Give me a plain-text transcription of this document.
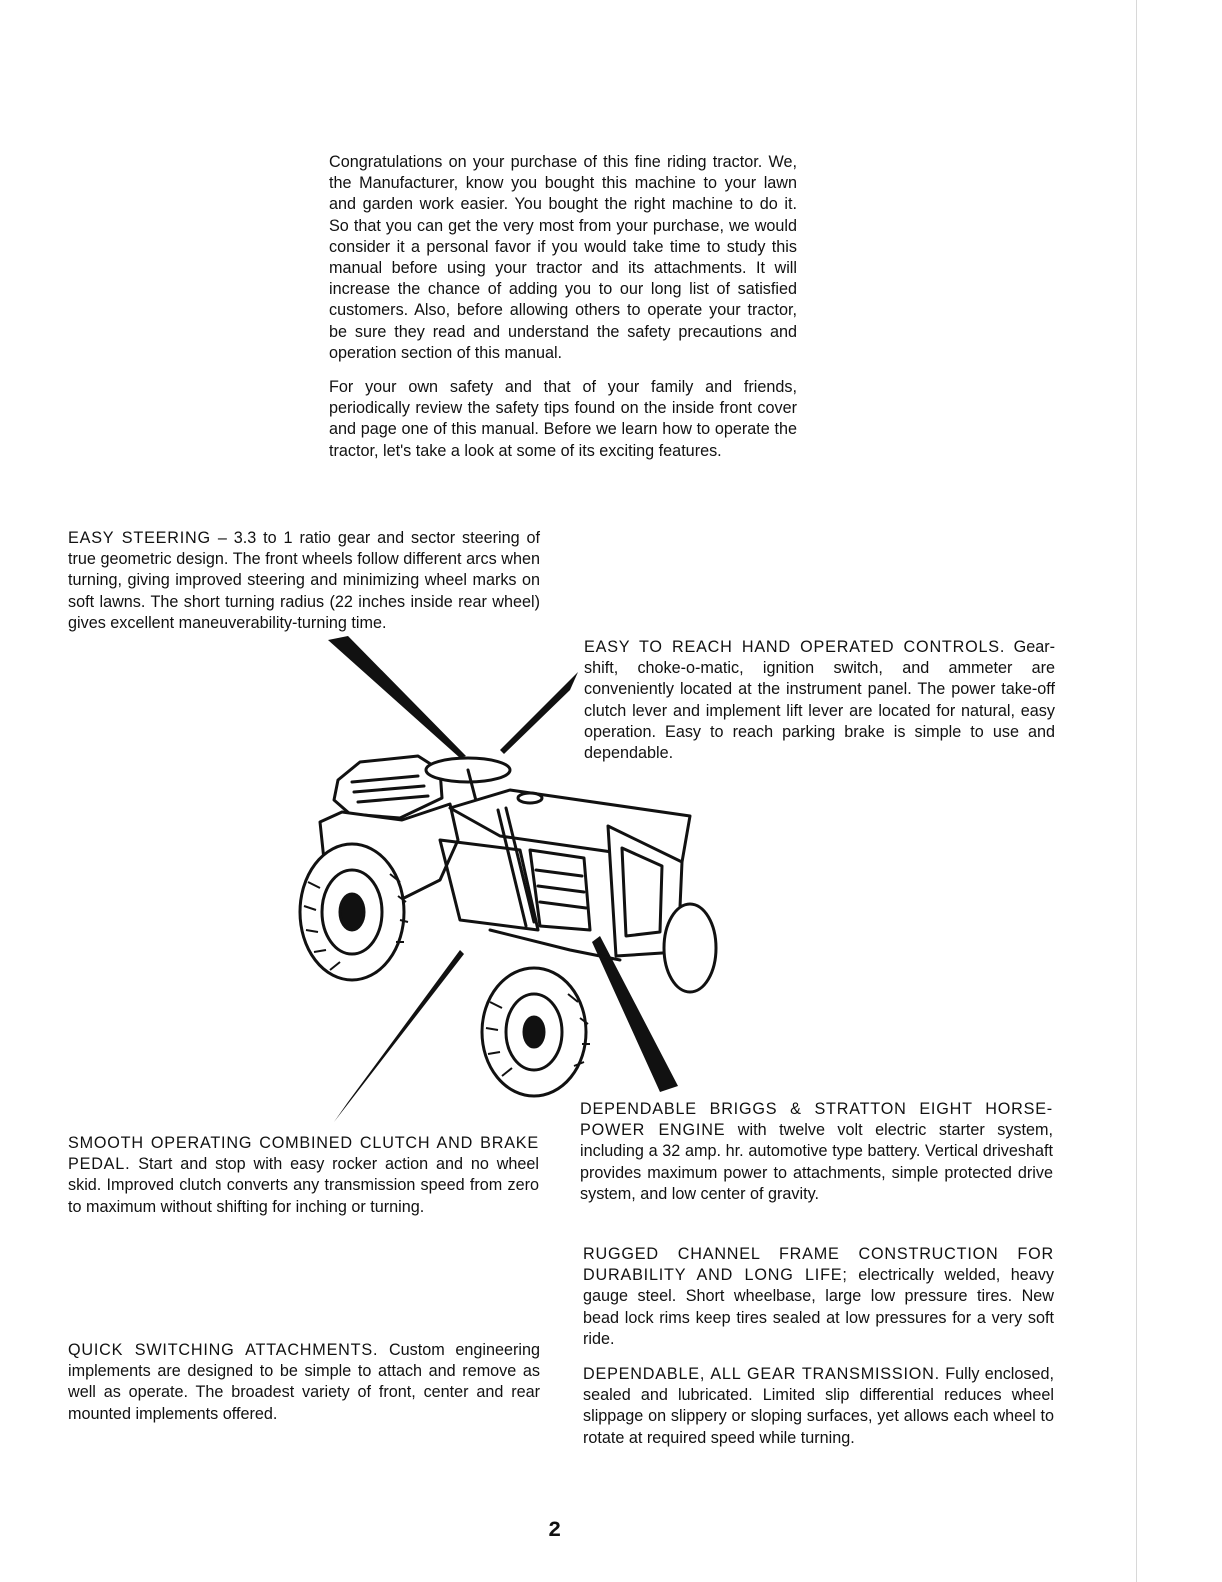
Congratulations on your purchase of this fine riding tractor. We, the Manufacturer, know you bought this machine to your lawn and garden work easier. You bought the right machine to do it. So that you can get the very most from your purchase, we would consider it a personal favor if you would take time to study this manual before using your tractor and its attachments. It will increase the chance of adding you to our long list of satisfied customers. Also, before allowing others to operate your tractor, be sure they read and understand the safety precautions and operation section of this manual.

For your own safety and that of your family and friends, periodically review the safety tips found on the inside front cover and page one of this manual. Before we learn how to operate the tractor, let's take a look at some of its exciting features.

EASY STEERING – 3.3 to 1 ratio gear and sector steering of true geometric design. The front wheels follow different arcs when turning, giving improved steering and minimizing wheel marks on soft lawns. The short turning radius (22 inches inside rear wheel) gives excellent maneuverability-turning time.
EASY TO REACH HAND OPERATED CONTROLS. Gear-shift, choke-o-matic, ignition switch, and ammeter are conveniently located at the instrument panel. The power take-off clutch lever and implement lift lever are located for natural, easy operation. Easy to reach parking brake is simple to use and dependable.
DEPENDABLE BRIGGS & STRATTON EIGHT HORSE-POWER ENGINE with twelve volt electric starter system, including a 32 amp. hr. automotive type battery. Vertical driveshaft provides maximum power to attachments, simple protected drive system, and low center of gravity.
SMOOTH OPERATING COMBINED CLUTCH AND BRAKE PEDAL. Start and stop with easy rocker action and no wheel skid. Improved clutch converts any transmission speed from zero to maximum without shifting for inching or turning.
RUGGED CHANNEL FRAME CONSTRUCTION FOR DURABILITY AND LONG LIFE; electrically welded, heavy gauge steel. Short wheelbase, large low pressure tires. New bead lock rims keep tires sealed at low pressures for a very soft ride.
DEPENDABLE, ALL GEAR TRANSMISSION. Fully enclosed, sealed and lubricated. Limited slip differential reduces wheel slippage on slippery or sloping surfaces, yet allows each wheel to rotate at required speed while turning.
QUICK SWITCHING ATTACHMENTS. Custom engineering implements are designed to be simple to attach and remove as well as operate. The broadest variety of front, center and rear mounted implements offered.
2
